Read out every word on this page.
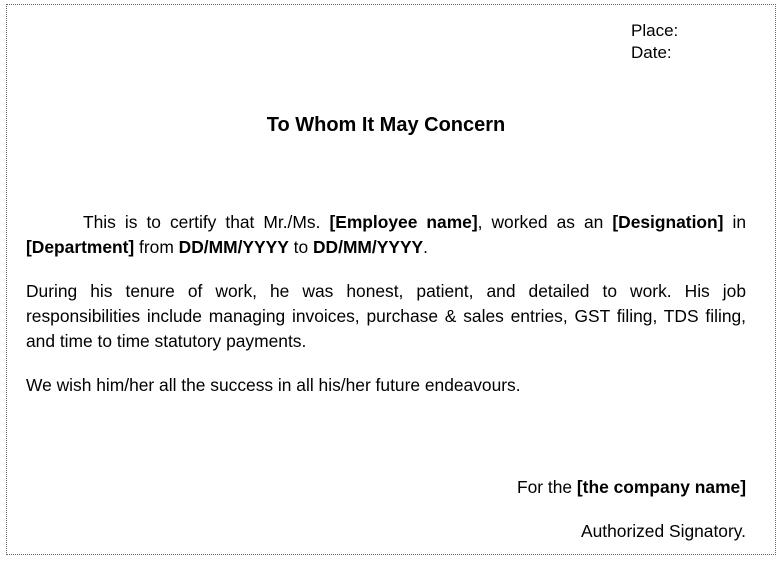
Place:
Date:
To Whom It May Concern

This is to certify that Mr./Ms. [Employee name], worked as an [Designation] in [Department] from DD/MM/YYYY to DD/MM/YYYY.

During his tenure of work, he was honest, patient, and detailed to work. His job responsibilities include managing invoices, purchase & sales entries, GST filing, TDS filing, and time to time statutory payments.

We wish him/her all the success in all his/her future endeavours.

For the [the company name]
Authorized Signatory.
